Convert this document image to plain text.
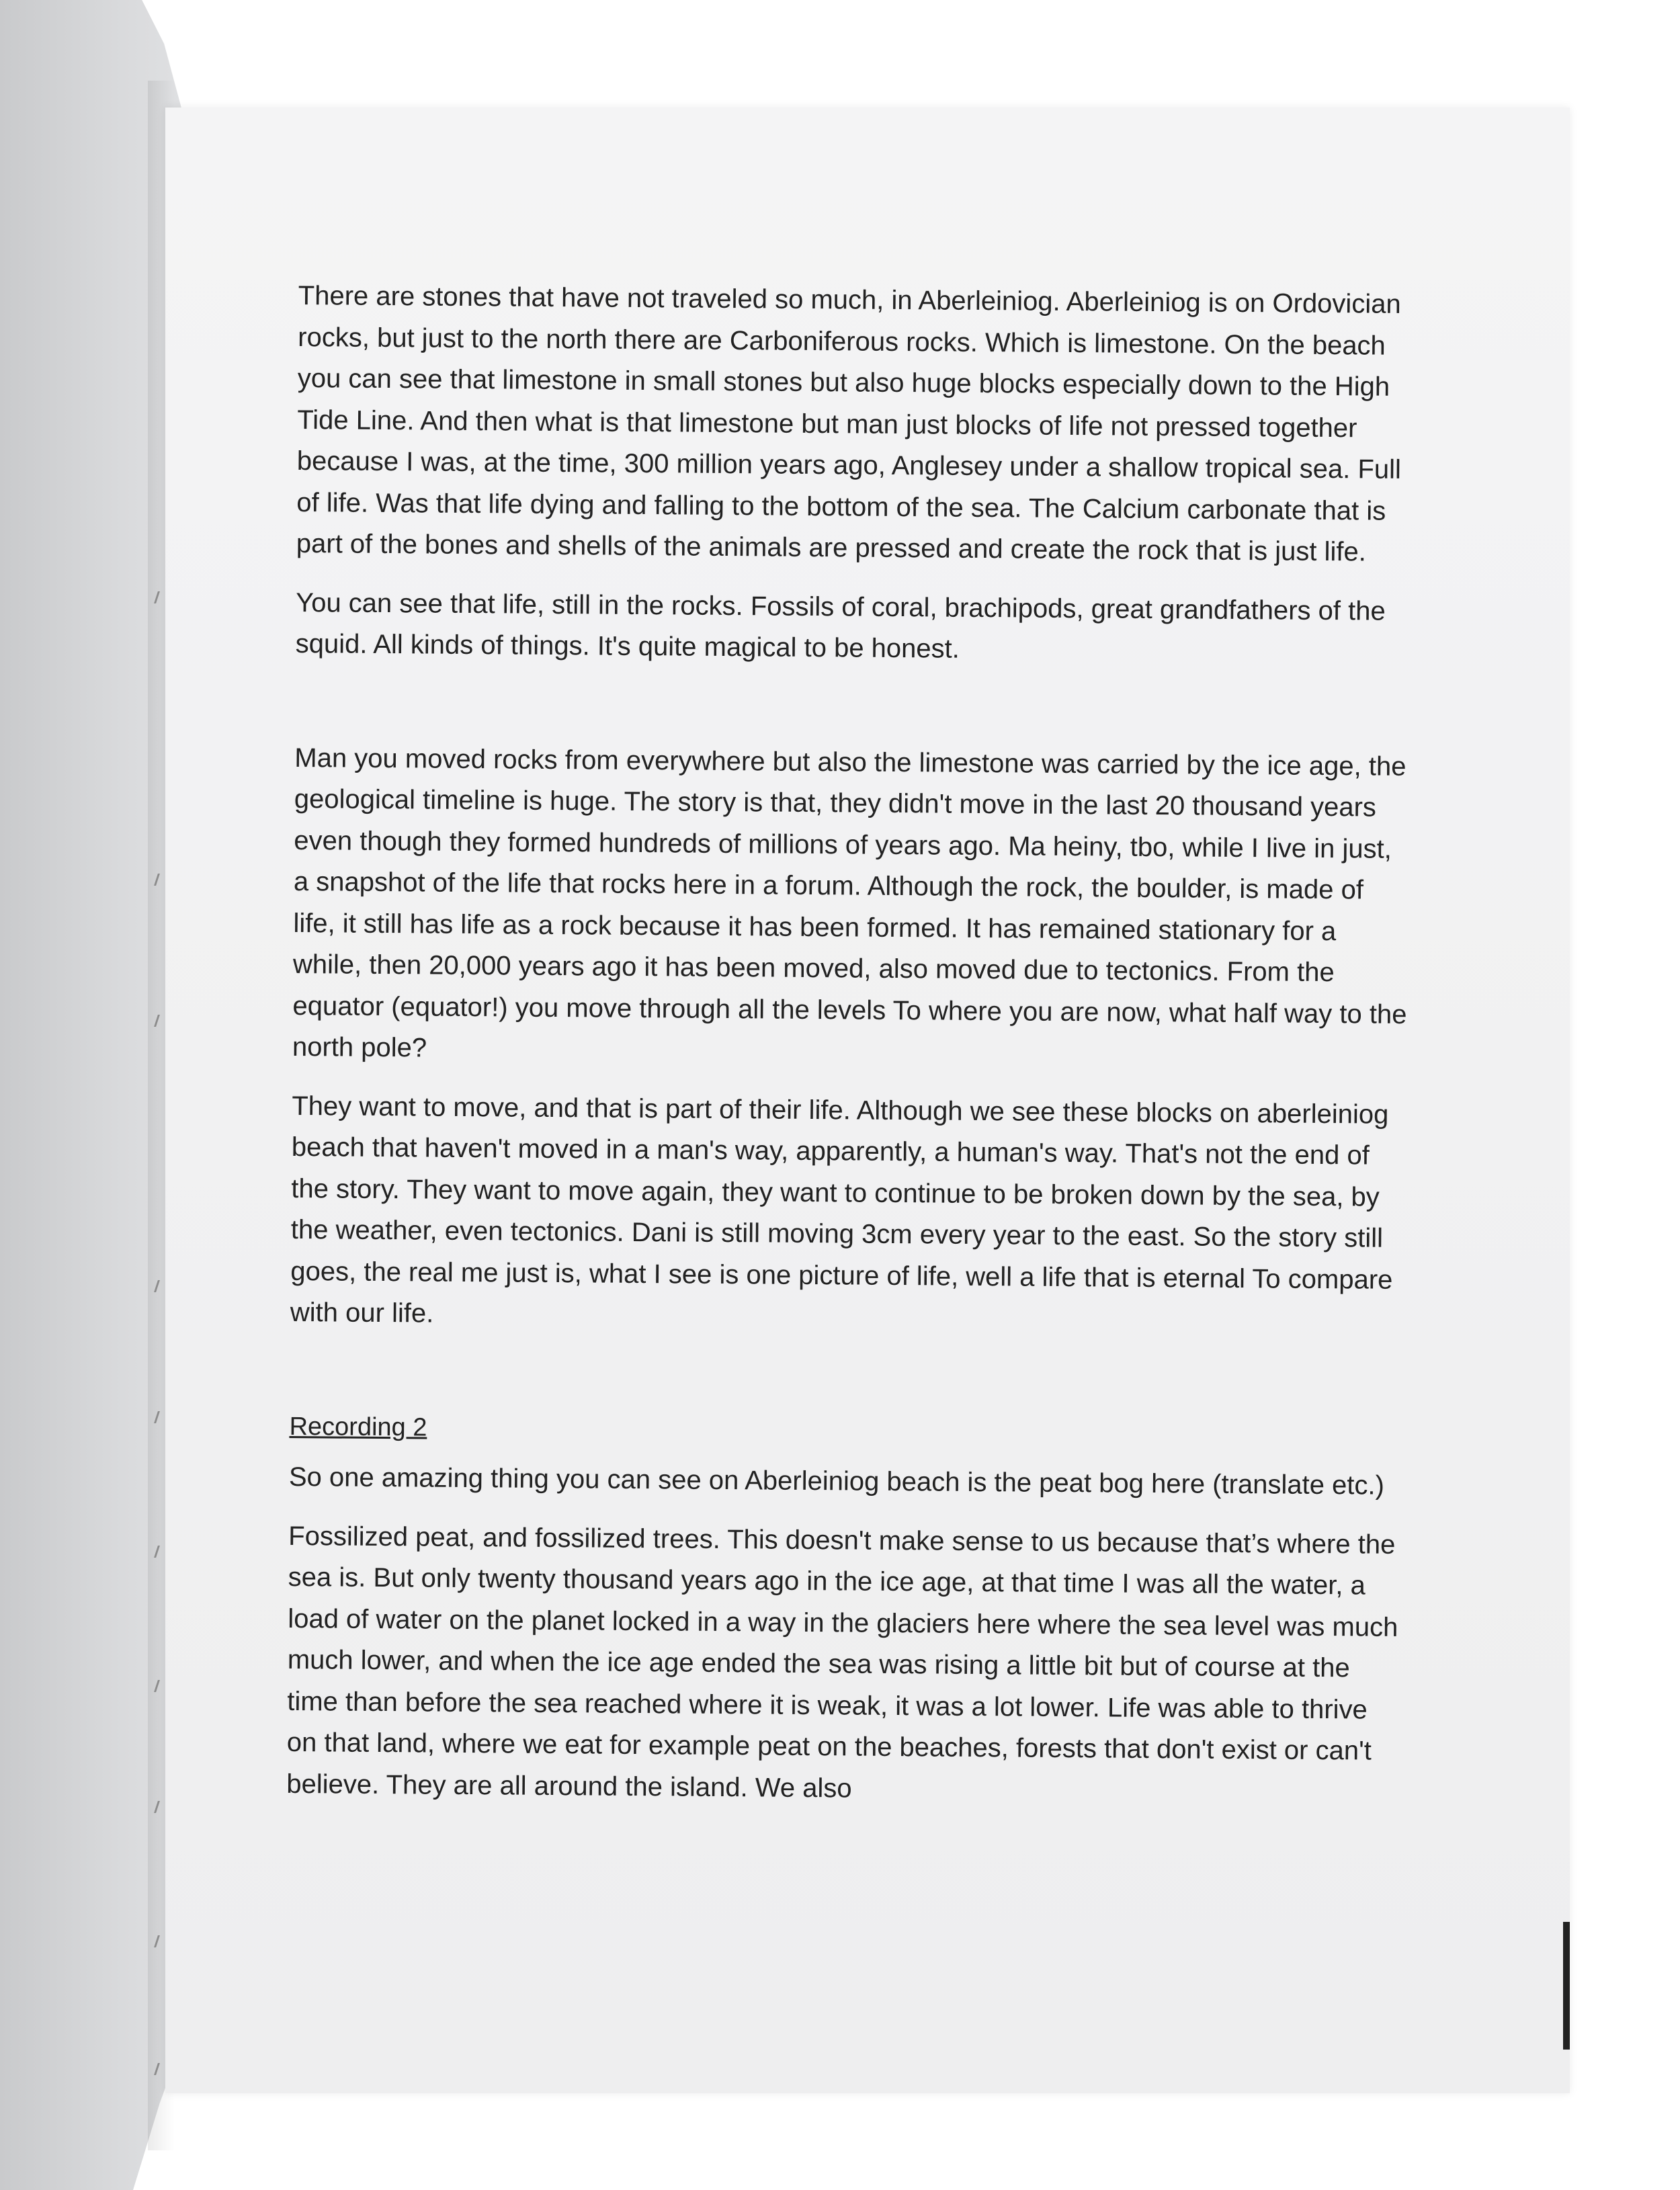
There are stones that have not traveled so much, in Aberleiniog. Aberleiniog is on Ordovician rocks, but just to the north there are Carboniferous rocks. Which is limestone. On the beach you can see that limestone in small stones but also huge blocks especially down to the High Tide Line. And then what is that limestone but man just blocks of life not pressed together because I was, at the time, 300 million years ago, Anglesey under a shallow tropical sea. Full of life. Was that life dying and falling to the bottom of the sea. The Calcium carbonate that is part of the bones and shells of the animals are pressed and create the rock that is just life.

You can see that life, still in the rocks. Fossils of coral, brachipods, great grandfathers of the squid. All kinds of things. It's quite magical to be honest.

Man you moved rocks from everywhere but also the limestone was carried by the ice age, the geological timeline is huge. The story is that, they didn't move in the last 20 thousand years even though they formed hundreds of millions of years ago. Ma heiny, tbo, while I live in just, a snapshot of the life that rocks here in a forum. Although the rock, the boulder, is made of life, it still has life as a rock because it has been formed. It has remained stationary for a while, then 20,000 years ago it has been moved, also moved due to tectonics. From the equator (equator!) you move through all the levels To where you are now, what half way to the north pole?

They want to move, and that is part of their life. Although we see these blocks on aberleiniog beach that haven't moved in a man's way, apparently, a human's way. That's not the end of the story. They want to move again, they want to continue to be broken down by the sea, by the weather, even tectonics. Dani is still moving 3cm every year to the east. So the story still goes, the real me just is, what I see is one picture of life, well a life that is eternal To compare with our life.

Recording 2

So one amazing thing you can see on Aberleiniog beach is the peat bog here (translate etc.)

Fossilized peat, and fossilized trees. This doesn't make sense to us because that’s where the sea is. But only twenty thousand years ago in the ice age, at that time I was all the water, a load of water on the planet locked in a way in the glaciers here where the sea level was much much lower, and when the ice age ended the sea was rising a little bit but of course at the time than before the sea reached where it is weak, it was a lot lower. Life was able to thrive on that land, where we eat for example peat on the beaches, forests that don't exist or can't believe. They are all around the island. We also
